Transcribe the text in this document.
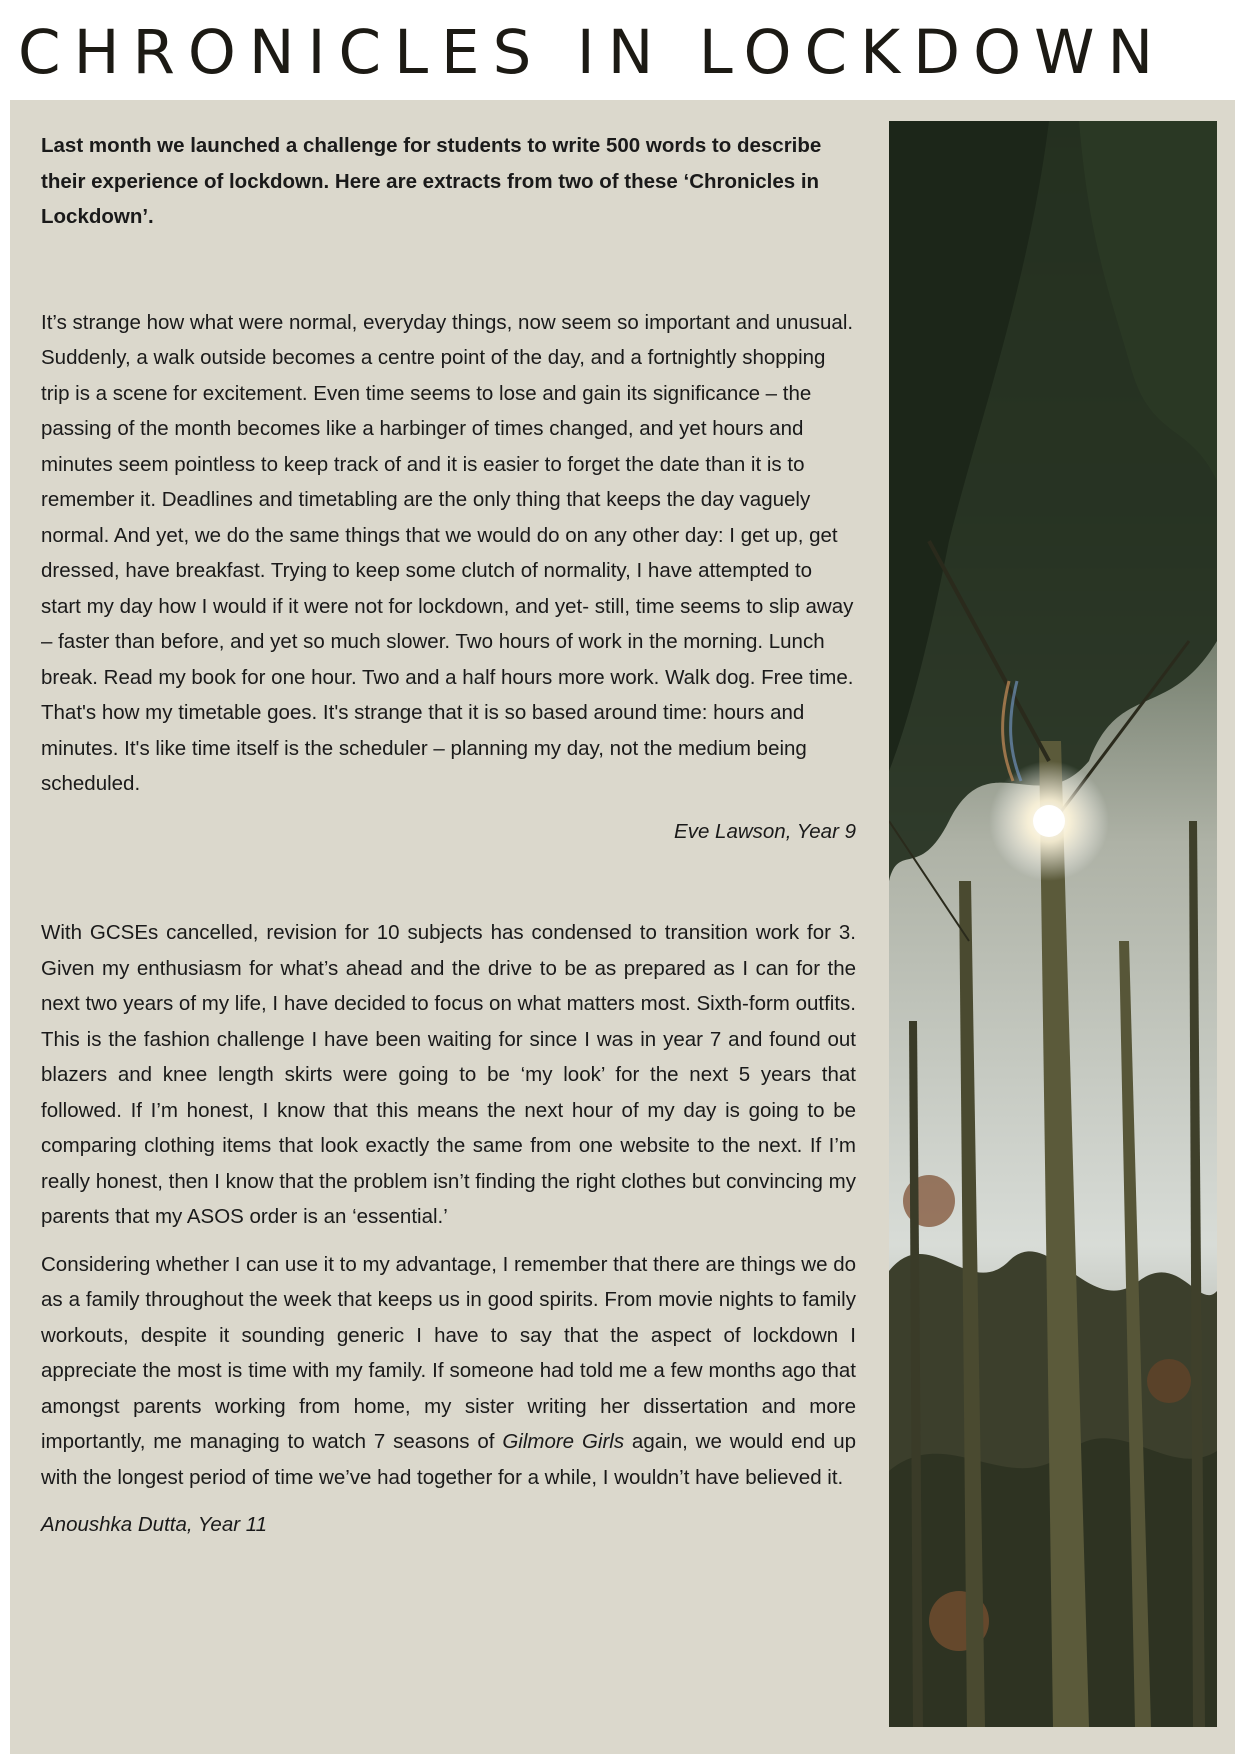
CHRONICLES IN LOCKDOWN

Last month we launched a challenge for students to write 500 words to describe their experience of lockdown. Here are extracts from two of these ‘Chronicles in Lockdown’.

It’s strange how what were normal, everyday things, now seem so important and unusual. Suddenly, a walk outside becomes a centre point of the day, and a fortnightly shopping trip is a scene for excitement. Even time seems to lose and gain its significance – the passing of the month becomes like a harbinger of times changed, and yet hours and minutes seem pointless to keep track of and it is easier to forget the date than it is to remember it. Deadlines and timetabling are the only thing that keeps the day vaguely normal. And yet, we do the same things that we would do on any other day: I get up, get dressed, have breakfast. Trying to keep some clutch of normality, I have attempted to start my day how I would if it were not for lockdown, and yet- still, time seems to slip away – faster than before, and yet so much slower. Two hours of work in the morning. Lunch break. Read my book for one hour. Two and a half hours more work. Walk dog. Free time. That's how my timetable goes. It's strange that it is so based around time: hours and minutes. It's like time itself is the scheduler – planning my day, not the medium being scheduled.

Eve Lawson, Year 9

With GCSEs cancelled, revision for 10 subjects has condensed to transition work for 3. Given my enthusiasm for what’s ahead and the drive to be as prepared as I can for the next two years of my life, I have decided to focus on what matters most. Sixth-form outfits. This is the fashion challenge I have been waiting for since I was in year 7 and found out blazers and knee length skirts were going to be ‘my look’ for the next 5 years that followed. If I’m honest, I know that this means the next hour of my day is going to be comparing clothing items that look exactly the same from one website to the next. If I’m really honest, then I know that the problem isn’t finding the right clothes but convincing my parents that my ASOS order is an ‘essential.’

Considering whether I can use it to my advantage, I remember that there are things we do as a family throughout the week that keeps us in good spirits. From movie nights to family workouts, despite it sounding generic I have to say that the aspect of lockdown I appreciate the most is time with my family. If someone had told me a few months ago that amongst parents working from home, my sister writing her dissertation and more importantly, me managing to watch 7 seasons of Gilmore Girls again, we would end up with the longest period of time we’ve had together for a while, I wouldn’t have believed it.

Anoushka Dutta, Year 11
